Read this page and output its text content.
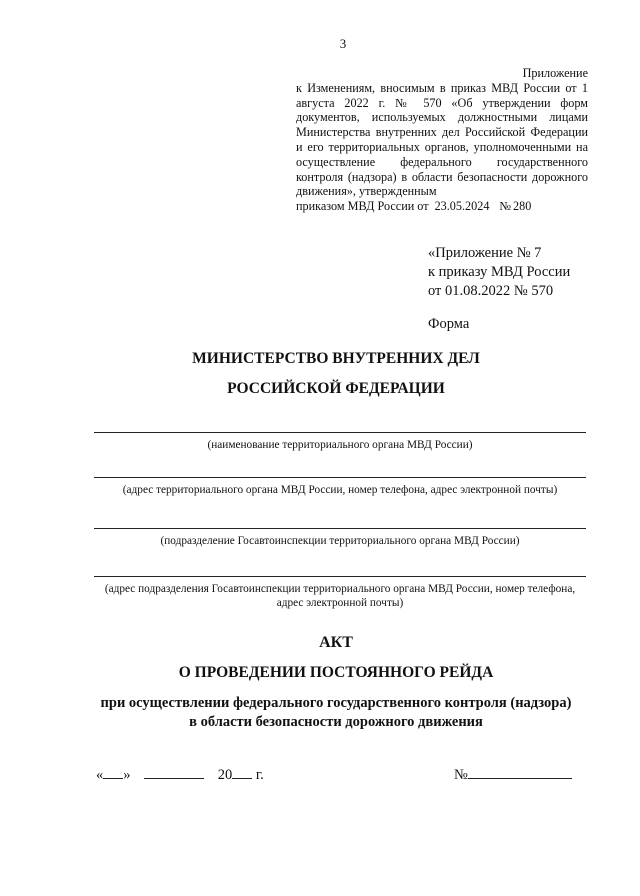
3
Приложение
к Изменениям, вносимым в приказ МВД России от 1 августа 2022 г. № 570 «Об утверждении форм документов, используемых должностными лицами Министерства внутренних дел Российской Федерации и его территориальных органов, уполномоченными на осуществление федерального государственного контроля (надзора) в области безопасности дорожного движения», утвержденным
приказом МВД России от 23.05.2024 № 280
«Приложение № 7
к приказу МВД России
от 01.08.2022 № 570
Форма
МИНИСТЕРСТВО ВНУТРЕННИХ ДЕЛ
РОССИЙСКОЙ ФЕДЕРАЦИИ
(наименование территориального органа МВД России)
(адрес территориального органа МВД России, номер телефона, адрес электронной почты)
(подразделение Госавтоинспекции территориального органа МВД России)
(адрес подразделения Госавтоинспекции территориального органа МВД России, номер телефона, адрес электронной почты)
АКТ
О ПРОВЕДЕНИИ ПОСТОЯННОГО РЕЙДА
при осуществлении федерального государственного контроля (надзора)
в области безопасности дорожного движения
« »	20 г.	№
